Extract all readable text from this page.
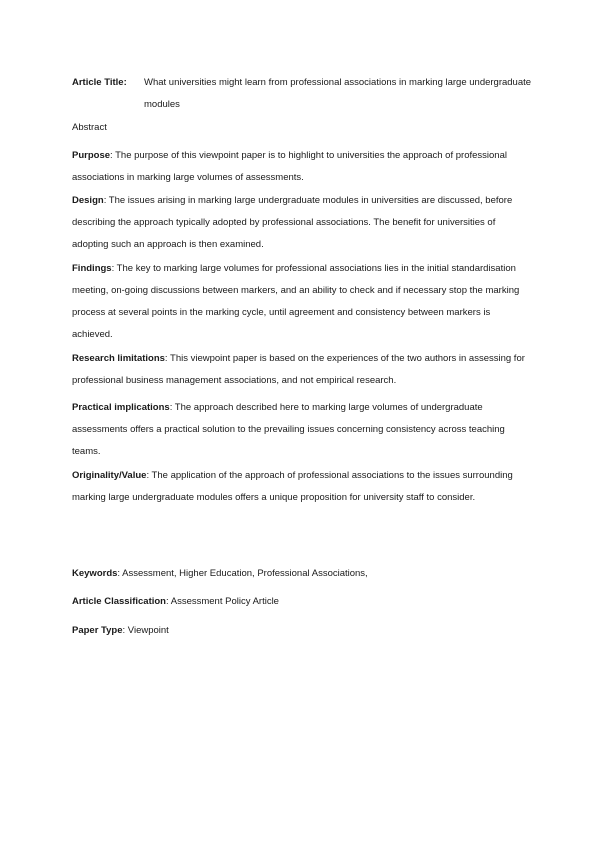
Article Title: What universities might learn from professional associations in marking large undergraduate modules
Abstract

Purpose: The purpose of this viewpoint paper is to highlight to universities the approach of professional associations in marking large volumes of assessments.

Design: The issues arising in marking large undergraduate modules in universities are discussed, before describing the approach typically adopted by professional associations. The benefit for universities of adopting such an approach is then examined.

Findings: The key to marking large volumes for professional associations lies in the initial standardisation meeting, on-going discussions between markers, and an ability to check and if necessary stop the marking process at several points in the marking cycle, until agreement and consistency between markers is achieved.

Research limitations: This viewpoint paper is based on the experiences of the two authors in assessing for professional business management associations, and not empirical research.

Practical implications: The approach described here to marking large volumes of undergraduate assessments offers a practical solution to the prevailing issues concerning consistency across teaching teams.

Originality/Value: The application of the approach of professional associations to the issues surrounding marking large undergraduate modules offers a unique proposition for university staff to consider.

Keywords: Assessment, Higher Education, Professional Associations,
Article Classification: Assessment Policy Article
Paper Type: Viewpoint
